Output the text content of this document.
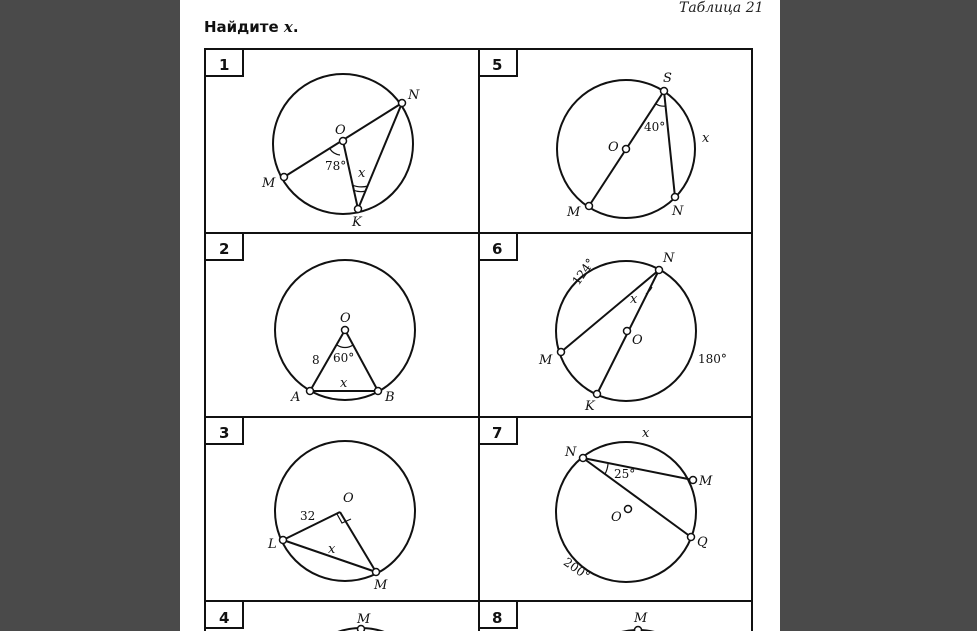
Таблица 21
Найдите x.
1	5
2	6
3	7
4	8
O
N
M
K
78° x
S
O
M	N
40°
x
O
A	B
8 60°
x
N
O
M
K
124°
180°
x
O
L
M
32
x
N
M
Q
O
25°
200°
x
M	M
